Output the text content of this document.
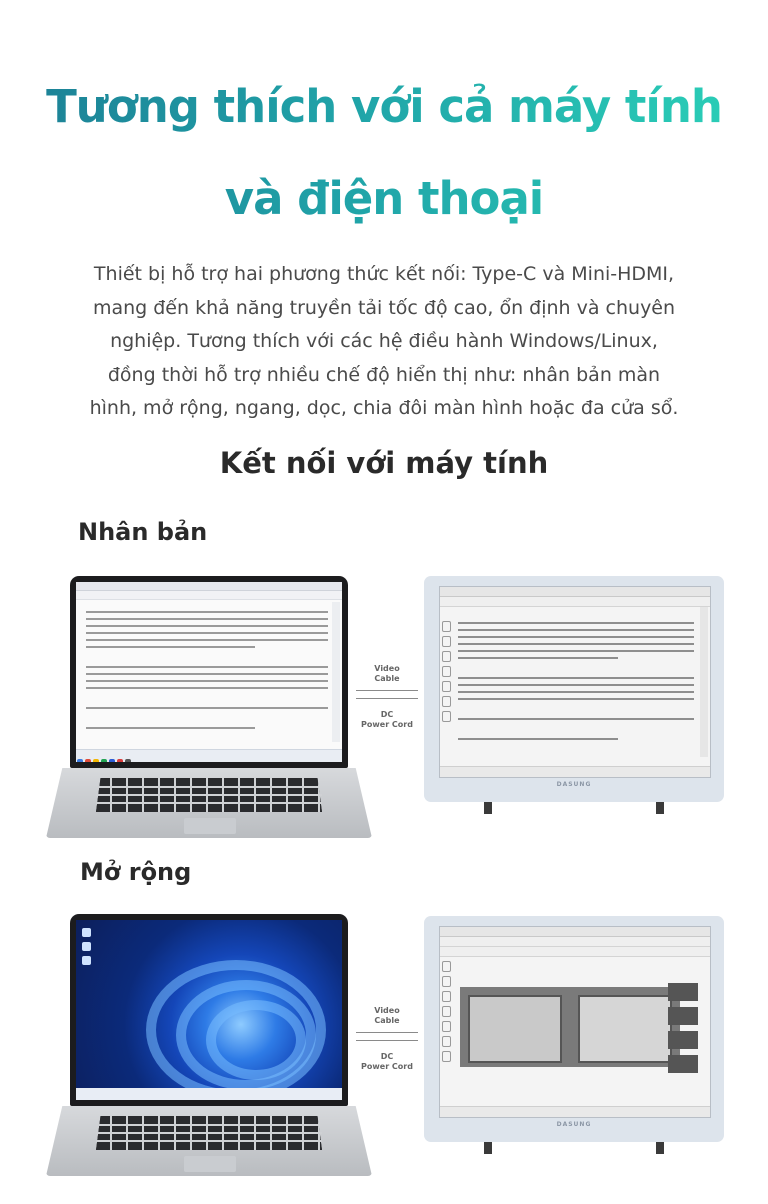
Tương thích với cả máy tính
và điện thoại
Thiết bị hỗ trợ hai phương thức kết nối: Type-C và Mini-HDMI,
mang đến khả năng truyền tải tốc độ cao, ổn định và chuyên
nghiệp. Tương thích với các hệ điều hành Windows/Linux,
đồng thời hỗ trợ nhiều chế độ hiển thị như: nhân bản màn
hình, mở rộng, ngang, dọc, chia đôi màn hình hoặc đa cửa sổ.
Kết nối với máy tính
Nhân bản
Mở rộng
Video
Cable
DC
Power Cord
DASUNG
Video
Cable
DC
Power Cord
DASUNG
